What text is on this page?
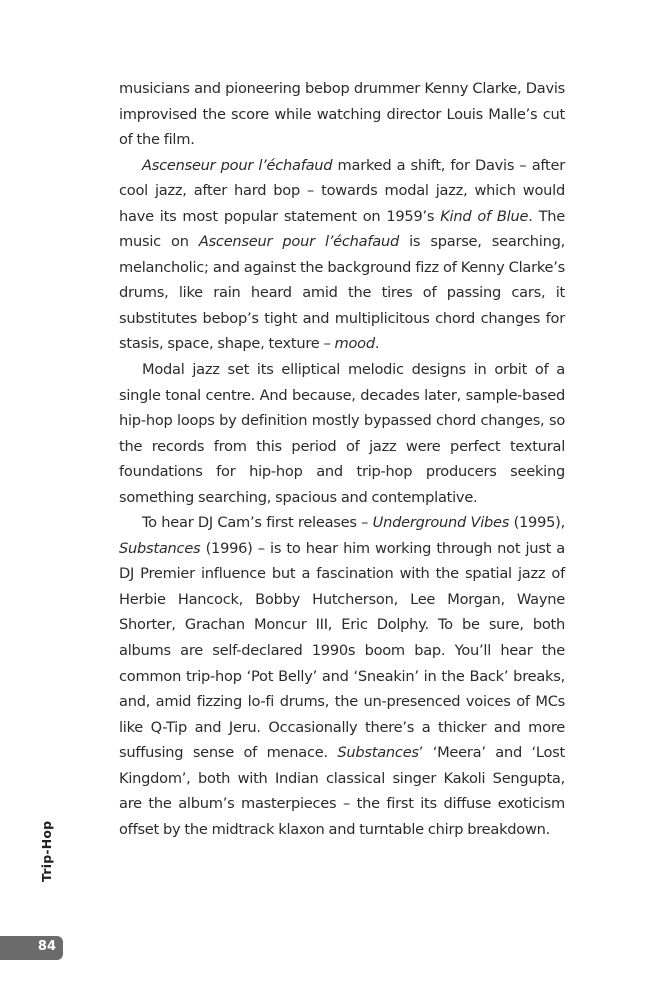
musicians and pioneering bebop drummer Kenny Clarke, Davis improvised the score while watching director Louis Malle’s cut of the film.

Ascenseur pour l’échafaud marked a shift, for Davis – after cool jazz, after hard bop – towards modal jazz, which would have its most popular statement on 1959’s Kind of Blue. The music on Ascenseur pour l’échafaud is sparse, searching, melancholic; and against the background fizz of Kenny Clarke’s drums, like rain heard amid the tires of passing cars, it substitutes bebop’s tight and multiplicitous chord changes for stasis, space, shape, texture – mood.

Modal jazz set its elliptical melodic designs in orbit of a single tonal centre. And because, decades later, sample-based hip-hop loops by definition mostly bypassed chord changes, so the records from this period of jazz were perfect textural foundations for hip-hop and trip-hop producers seeking something searching, spacious and contemplative.

To hear DJ Cam’s first releases – Underground Vibes (1995), Substances (1996) – is to hear him working through not just a DJ Premier influence but a fascination with the spatial jazz of Herbie Hancock, Bobby Hutcherson, Lee Morgan, Wayne Shorter, Grachan Moncur III, Eric Dolphy. To be sure, both albums are self-declared 1990s boom bap. You’ll hear the common trip-hop ‘Pot Belly’ and ‘Sneakin’ in the Back’ breaks, and, amid fizzing lo-fi drums, the un-presenced voices of MCs like Q-Tip and Jeru. Occasionally there’s a thicker and more suffusing sense of menace. Substances’ ‘Meera’ and ‘Lost Kingdom’, both with Indian classical singer Kakoli Sengupta, are the album’s masterpieces – the first its diffuse exoticism offset by the midtrack klaxon and turntable chirp breakdown.

Trip-Hop
84
